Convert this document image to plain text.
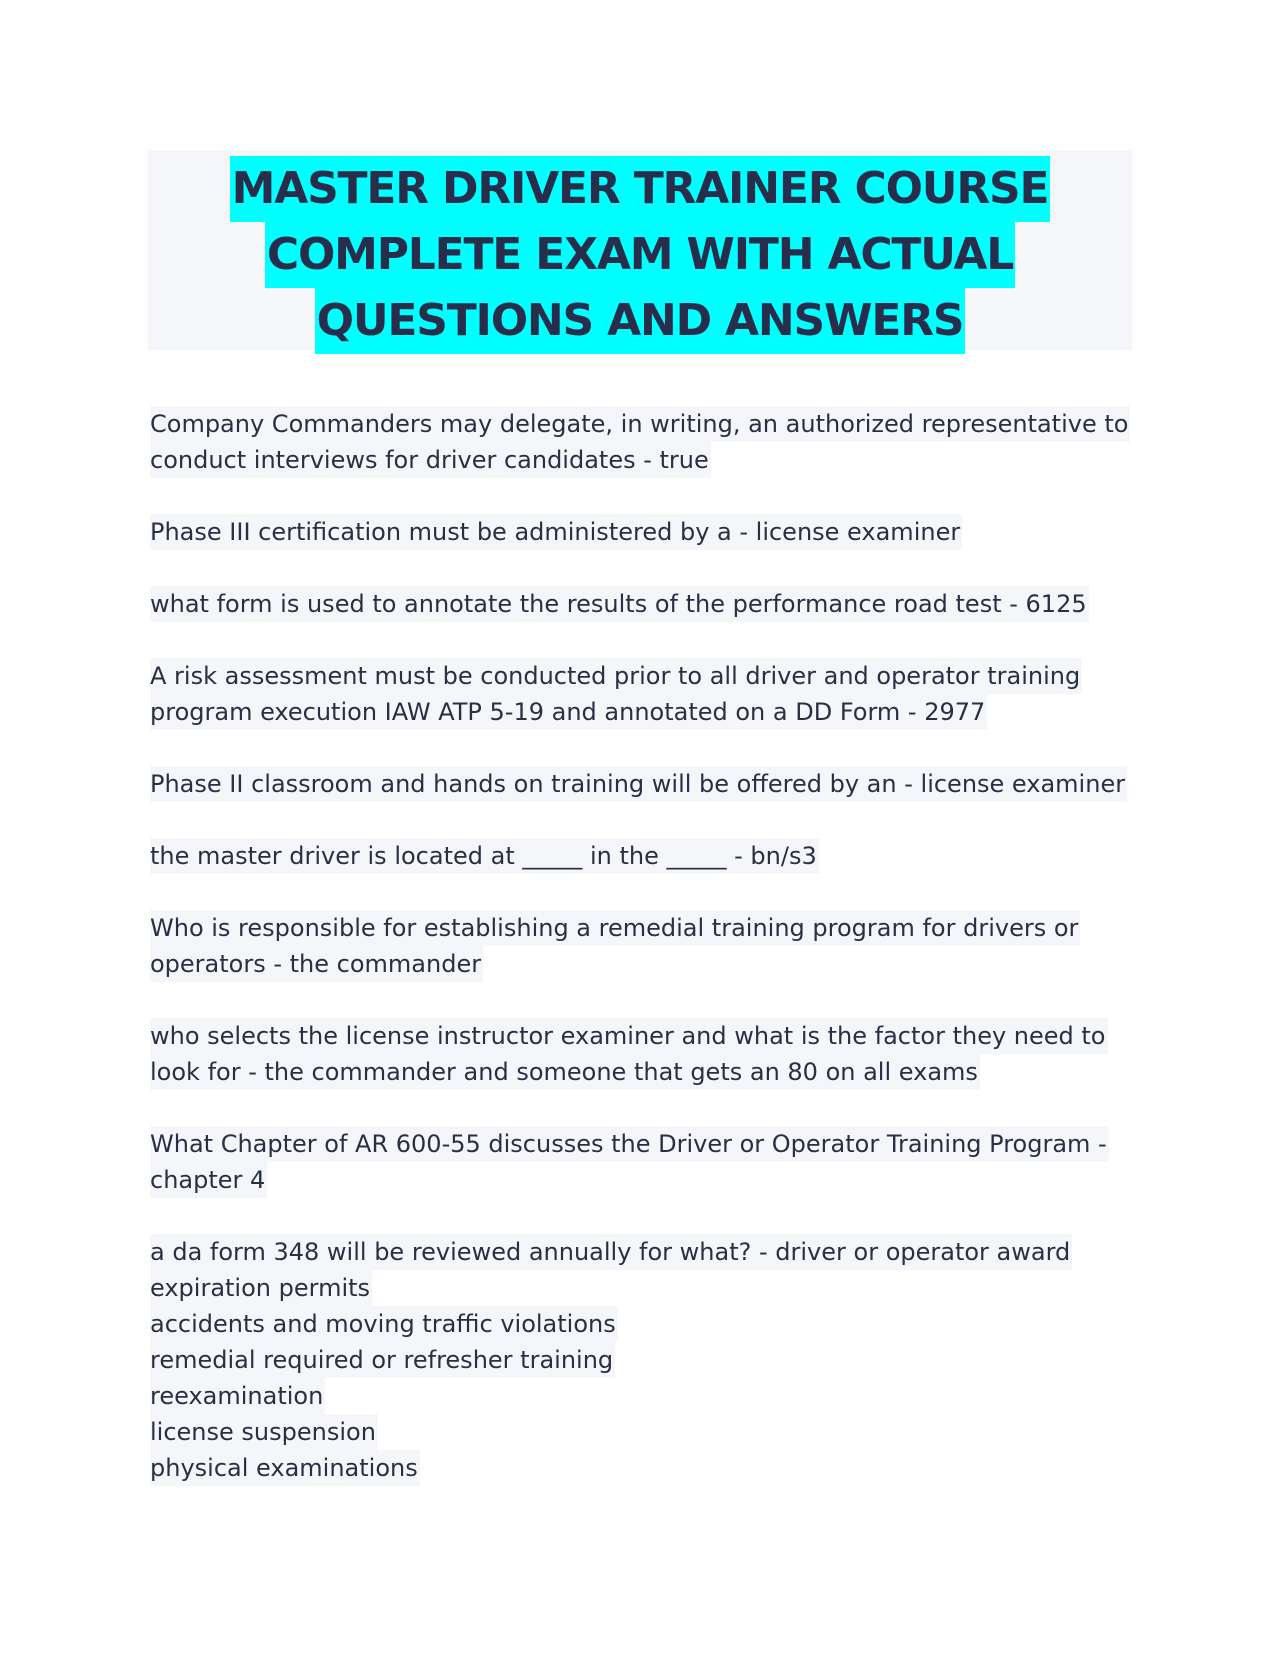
MASTER DRIVER TRAINER COURSE
COMPLETE EXAM WITH ACTUAL
QUESTIONS AND ANSWERS
Company Commanders may delegate, in writing, an authorized representative to
conduct interviews for driver candidates - true
Phase III certification must be administered by a - license examiner
what form is used to annotate the results of the performance road test - 6125
A risk assessment must be conducted prior to all driver and operator training
program execution IAW ATP 5-19 and annotated on a DD Form - 2977
Phase II classroom and hands on training will be offered by an - license examiner
the master driver is located at _____ in the _____ - bn/s3
Who is responsible for establishing a remedial training program for drivers or
operators - the commander
who selects the license instructor examiner and what is the factor they need to
look for - the commander and someone that gets an 80 on all exams
What Chapter of AR 600-55 discusses the Driver or Operator Training Program -
chapter 4
a da form 348 will be reviewed annually for what? - driver or operator award
expiration permits
accidents and moving traffic violations
remedial required or refresher training
reexamination
license suspension
physical examinations
